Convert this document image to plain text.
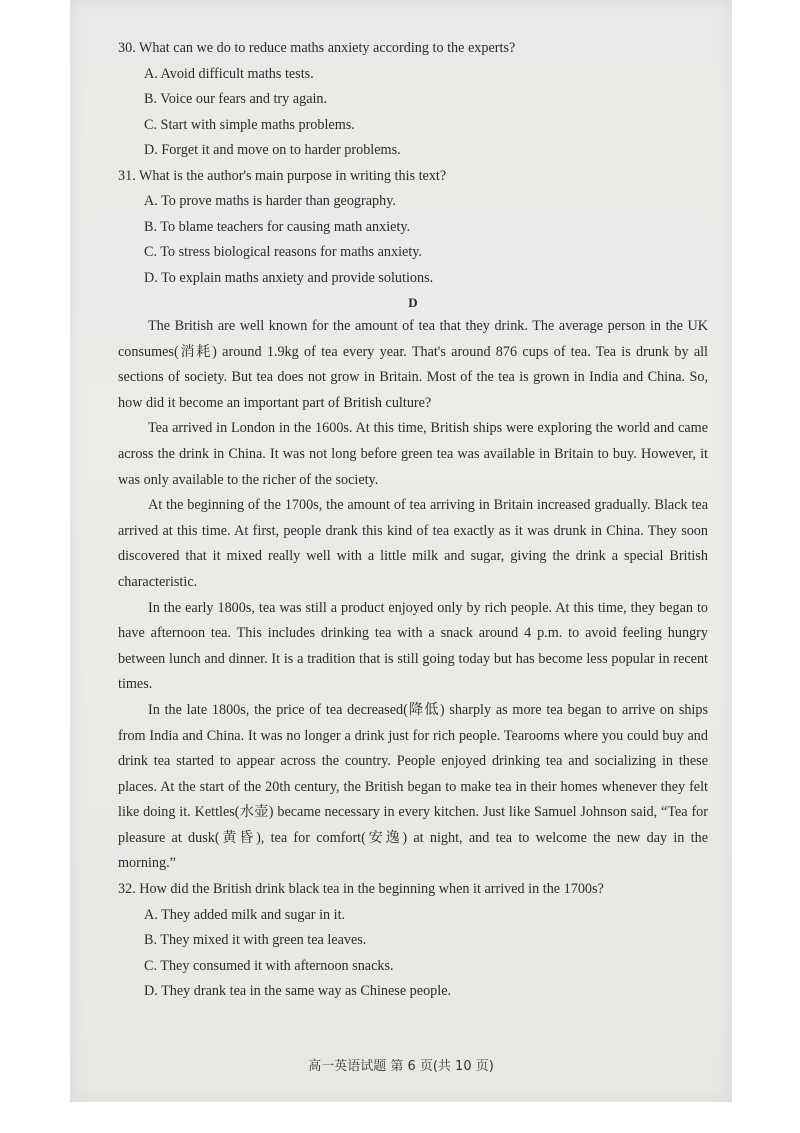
30. What can we do to reduce maths anxiety according to the experts?
A. Avoid difficult maths tests.
B. Voice our fears and try again.
C. Start with simple maths problems.
D. Forget it and move on to harder problems.
31. What is the author's main purpose in writing this text?
A. To prove maths is harder than geography.
B. To blame teachers for causing math anxiety.
C. To stress biological reasons for maths anxiety.
D. To explain maths anxiety and provide solutions.
D

The British are well known for the amount of tea that they drink. The average person in the UK consumes(消耗) around 1.9kg of tea every year. That's around 876 cups of tea. Tea is drunk by all sections of society. But tea does not grow in Britain. Most of the tea is grown in India and China. So, how did it become an important part of British culture?

Tea arrived in London in the 1600s. At this time, British ships were exploring the world and came across the drink in China. It was not long before green tea was available in Britain to buy. However, it was only available to the richer of the society.

At the beginning of the 1700s, the amount of tea arriving in Britain increased gradually. Black tea arrived at this time. At first, people drank this kind of tea exactly as it was drunk in China. They soon discovered that it mixed really well with a little milk and sugar, giving the drink a special British characteristic.

In the early 1800s, tea was still a product enjoyed only by rich people. At this time, they began to have afternoon tea. This includes drinking tea with a snack around 4 p.m. to avoid feeling hungry between lunch and dinner. It is a tradition that is still going today but has become less popular in recent times.

In the late 1800s, the price of tea decreased(降低) sharply as more tea began to arrive on ships from India and China. It was no longer a drink just for rich people. Tearooms where you could buy and drink tea started to appear across the country. People enjoyed drinking tea and socializing in these places. At the start of the 20th century, the British began to make tea in their homes whenever they felt like doing it. Kettles(水壶) became necessary in every kitchen. Just like Samuel Johnson said, “Tea for pleasure at dusk(黄昏), tea for comfort(安逸) at night, and tea to welcome the new day in the morning.”

32. How did the British drink black tea in the beginning when it arrived in the 1700s?
A. They added milk and sugar in it.
B. They mixed it with green tea leaves.
C. They consumed it with afternoon snacks.
D. They drank tea in the same way as Chinese people.
高一英语试题 第 6 页(共 10 页)
